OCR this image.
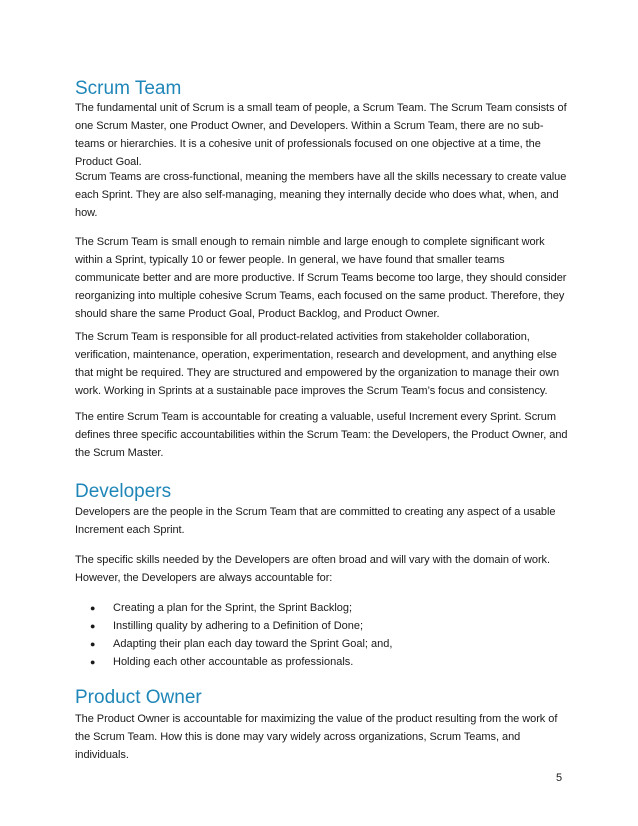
Scrum Team

The fundamental unit of Scrum is a small team of people, a Scrum Team. The Scrum Team consists of one Scrum Master, one Product Owner, and Developers. Within a Scrum Team, there are no sub-teams or hierarchies. It is a cohesive unit of professionals focused on one objective at a time, the Product Goal.

Scrum Teams are cross-functional, meaning the members have all the skills necessary to create value each Sprint. They are also self-managing, meaning they internally decide who does what, when, and how.

The Scrum Team is small enough to remain nimble and large enough to complete significant work within a Sprint, typically 10 or fewer people. In general, we have found that smaller teams communicate better and are more productive. If Scrum Teams become too large, they should consider reorganizing into multiple cohesive Scrum Teams, each focused on the same product. Therefore, they should share the same Product Goal, Product Backlog, and Product Owner.

The Scrum Team is responsible for all product-related activities from stakeholder collaboration, verification, maintenance, operation, experimentation, research and development, and anything else that might be required. They are structured and empowered by the organization to manage their own work. Working in Sprints at a sustainable pace improves the Scrum Team’s focus and consistency.

The entire Scrum Team is accountable for creating a valuable, useful Increment every Sprint. Scrum defines three specific accountabilities within the Scrum Team: the Developers, the Product Owner, and the Scrum Master.

Developers

Developers are the people in the Scrum Team that are committed to creating any aspect of a usable Increment each Sprint.

The specific skills needed by the Developers are often broad and will vary with the domain of work. However, the Developers are always accountable for:

● Creating a plan for the Sprint, the Sprint Backlog;
● Instilling quality by adhering to a Definition of Done;
● Adapting their plan each day toward the Sprint Goal; and,
● Holding each other accountable as professionals.
Product Owner

The Product Owner is accountable for maximizing the value of the product resulting from the work of the Scrum Team. How this is done may vary widely across organizations, Scrum Teams, and individuals.

5
